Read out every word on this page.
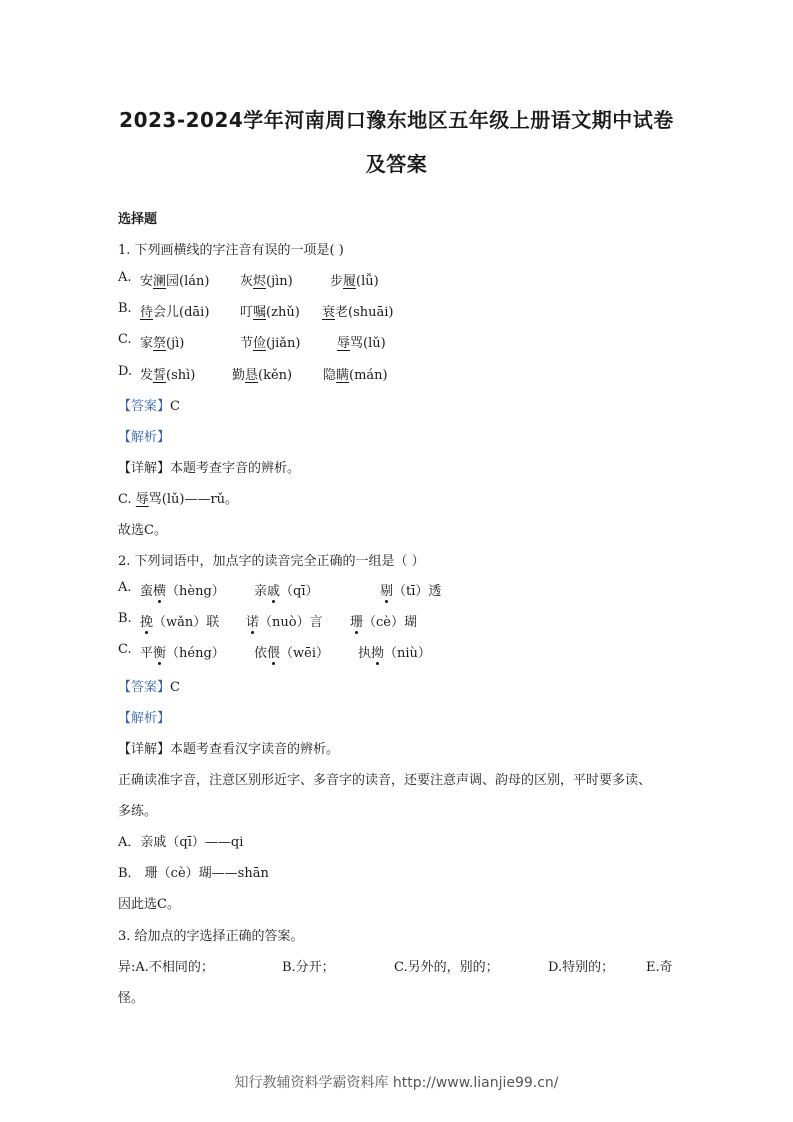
2023-2024学年河南周口豫东地区五年级上册语文期中试卷
及答案
选择题
1. 下列画横线的字注音有误的一项是( )
A. 安澜园(lán) 灰烬(jìn)	步履(lǚ)
B. 待会儿(dāi) 叮嘱(zhǔ) 衰老(shuāi)
C. 家祭(jì)	节俭(jiǎn)	辱骂(lǔ)
D. 发誓(shì)	勤恳(kěn) 隐瞒(mán)
【答案】C
【解析】
【详解】本题考查字音的辨析。
C. 辱骂(lǔ)——rǔ。
故选C。
2. 下列词语中，加点字的读音完全正确的一组是（ ）
A. 蛮横（hèng） 亲戚（qī）	剔（tī）透
B. 挽（wǎn）联 诺（nuò）言 珊（cè）瑚
C. 平衡（héng） 依偎（wēi） 执拗（niù）
【答案】C
【解析】
【详解】本题考查看汉字读音的辨析。
正确读准字音，注意区别形近字、多音字的读音，还要注意声调、韵母的区别，平时要多读、
多练。
A．亲戚（qī）——qi
B． 珊（cè）瑚——shān
因此选C。
3. 给加点的字选择正确的答案。
异:A.不相同的；	B.分开；	C.另外的，别的；	D.特别的； E.奇
怪。
知行教辅资料学霸资料库 http://www.lianjie99.cn/
